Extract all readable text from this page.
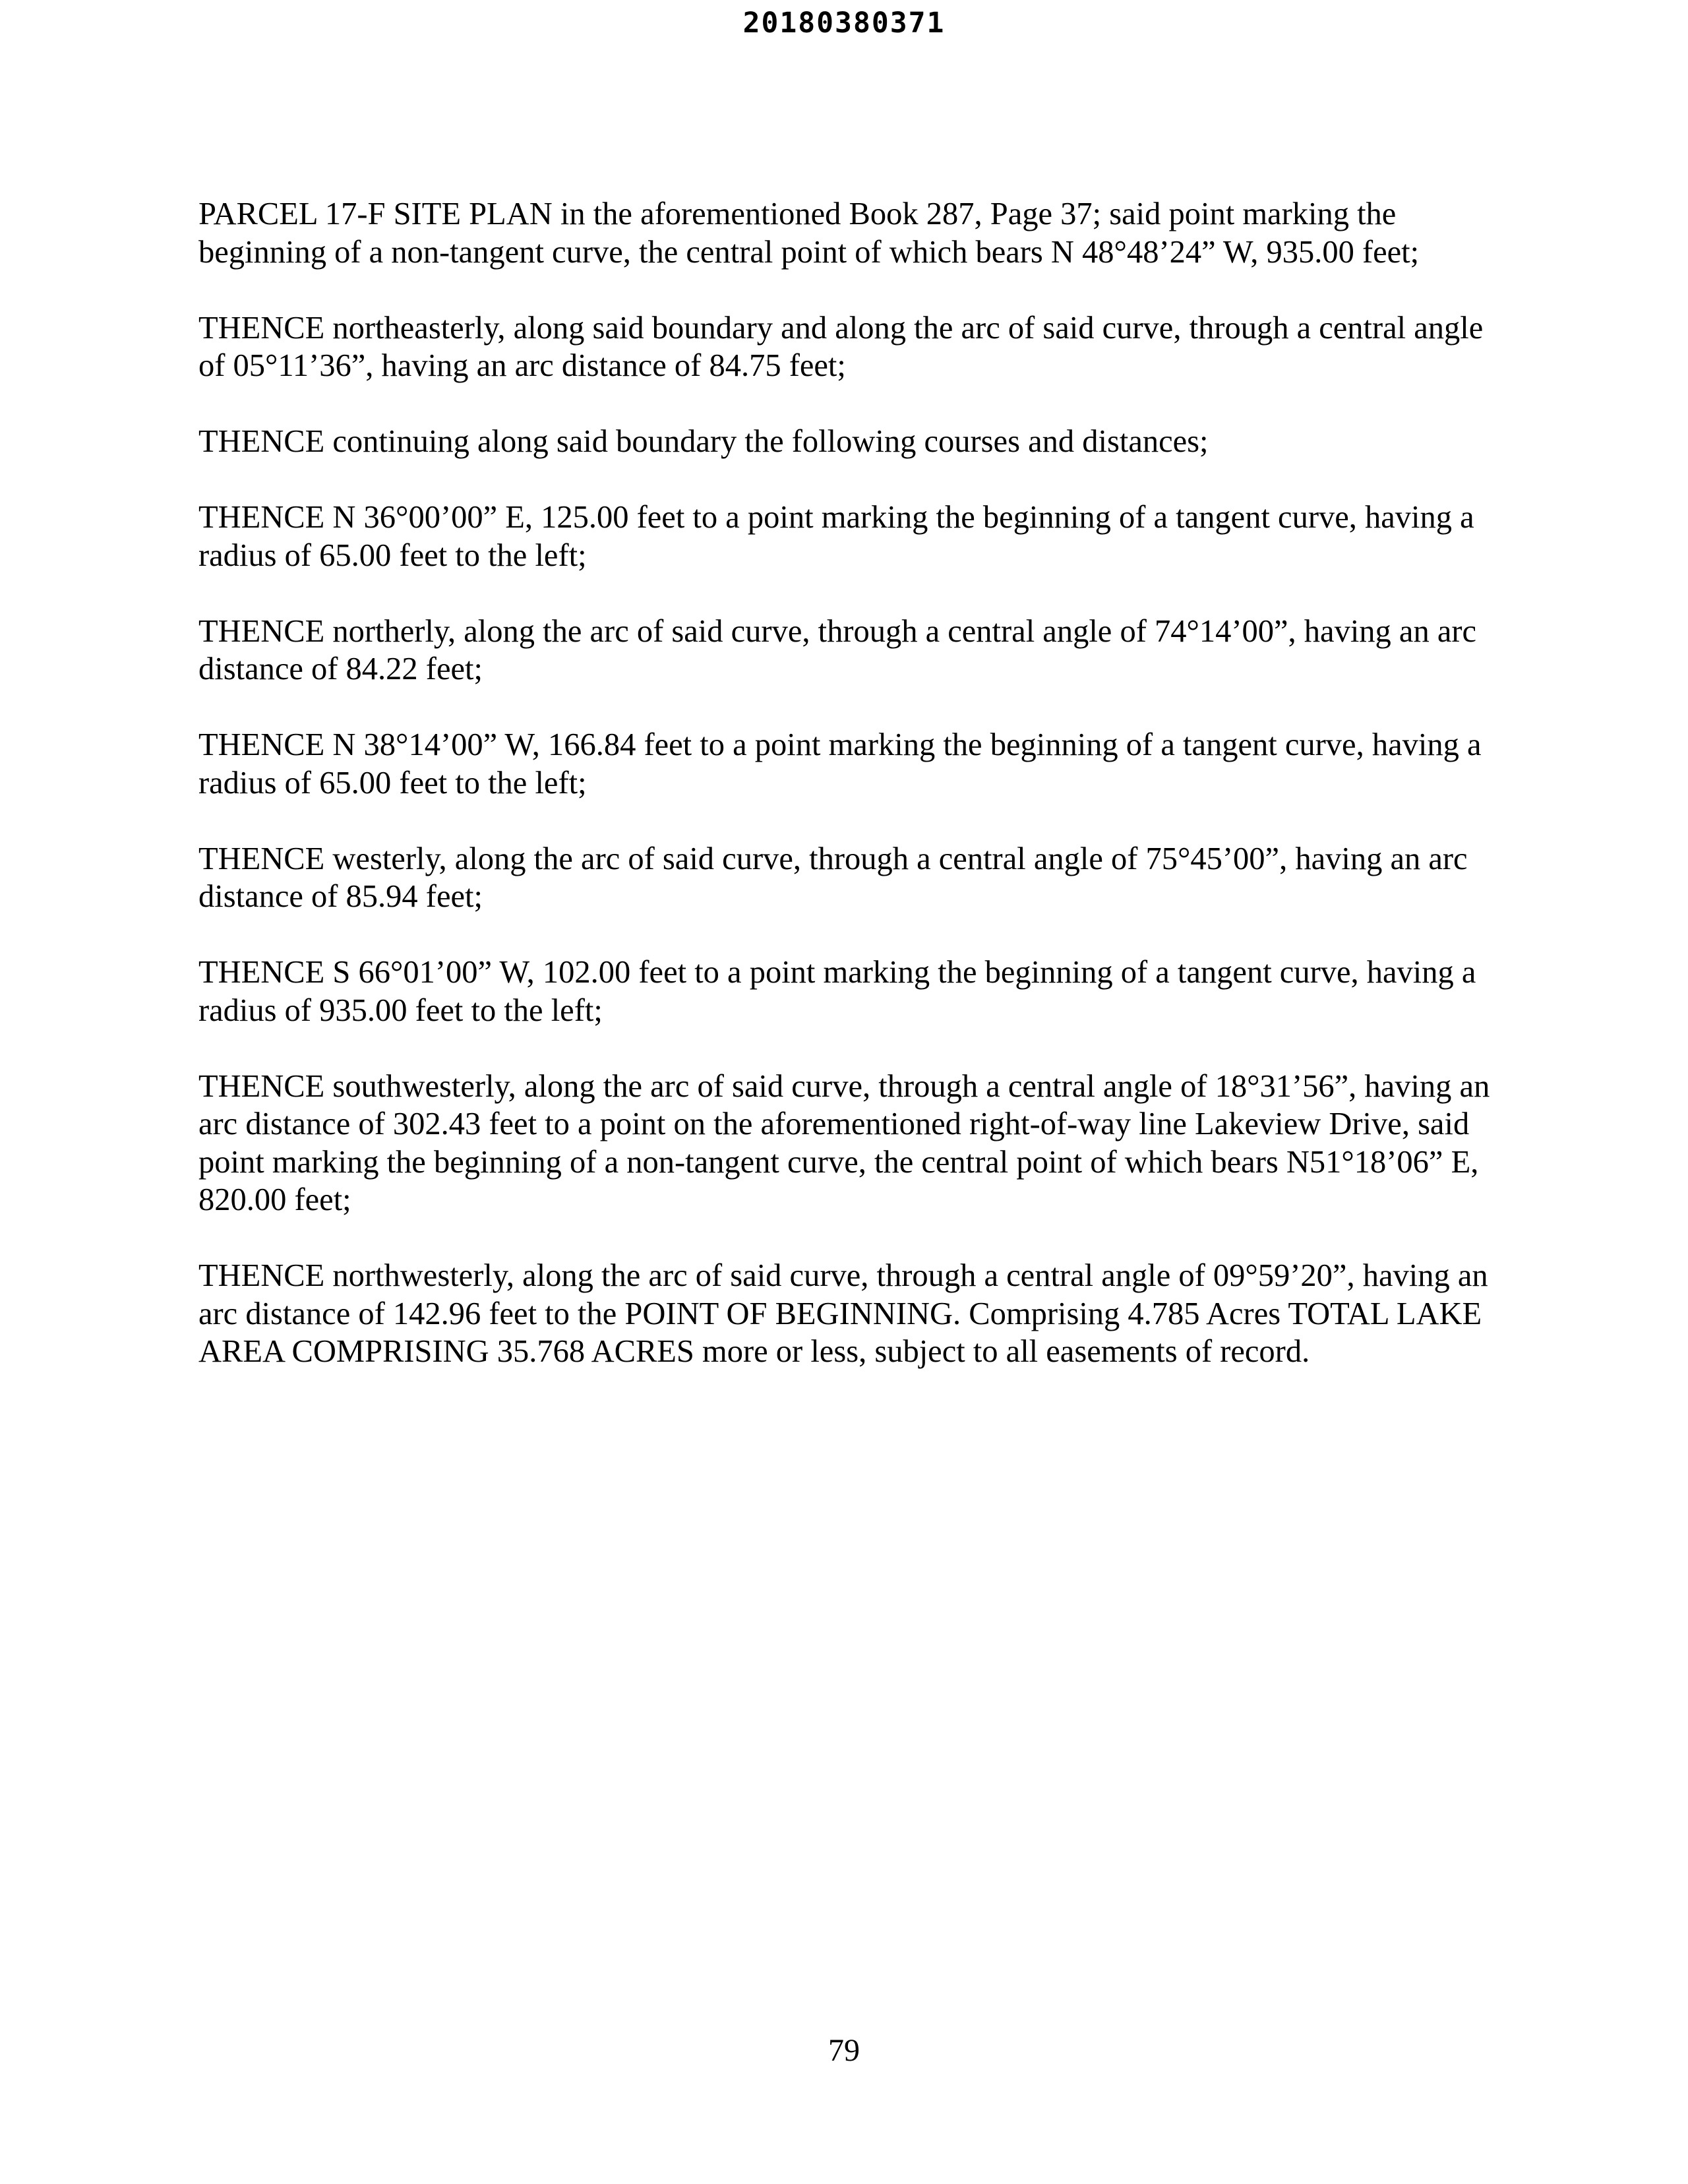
20180380371

PARCEL 17-F SITE PLAN in the aforementioned Book 287, Page 37; said point marking the beginning of a non-tangent curve, the central point of which bears N 48°48’24” W, 935.00 feet;

THENCE northeasterly, along said boundary and along the arc of said curve, through a central angle of 05°11’36”, having an arc distance of 84.75 feet;

THENCE continuing along said boundary the following courses and distances;

THENCE N 36°00’00” E, 125.00 feet to a point marking the beginning of a tangent curve, having a radius of 65.00 feet to the left;

THENCE northerly, along the arc of said curve, through a central angle of 74°14’00”, having an arc distance of 84.22 feet;

THENCE N 38°14’00” W, 166.84 feet to a point marking the beginning of a tangent curve, having a radius of 65.00 feet to the left;

THENCE westerly, along the arc of said curve, through a central angle of 75°45’00”, having an arc distance of 85.94 feet;

THENCE S 66°01’00” W, 102.00 feet to a point marking the beginning of a tangent curve, having a radius of 935.00 feet to the left;

THENCE southwesterly, along the arc of said curve, through a central angle of 18°31’56”, having an arc distance of 302.43 feet to a point on the aforementioned right-of-way line Lakeview Drive, said point marking the beginning of a non-tangent curve, the central point of which bears N51°18’06” E, 820.00 feet;

THENCE northwesterly, along the arc of said curve, through a central angle of 09°59’20”, having an arc distance of 142.96 feet to the POINT OF BEGINNING. Comprising 4.785 Acres TOTAL LAKE AREA COMPRISING 35.768 ACRES more or less, subject to all easements of record.

79
